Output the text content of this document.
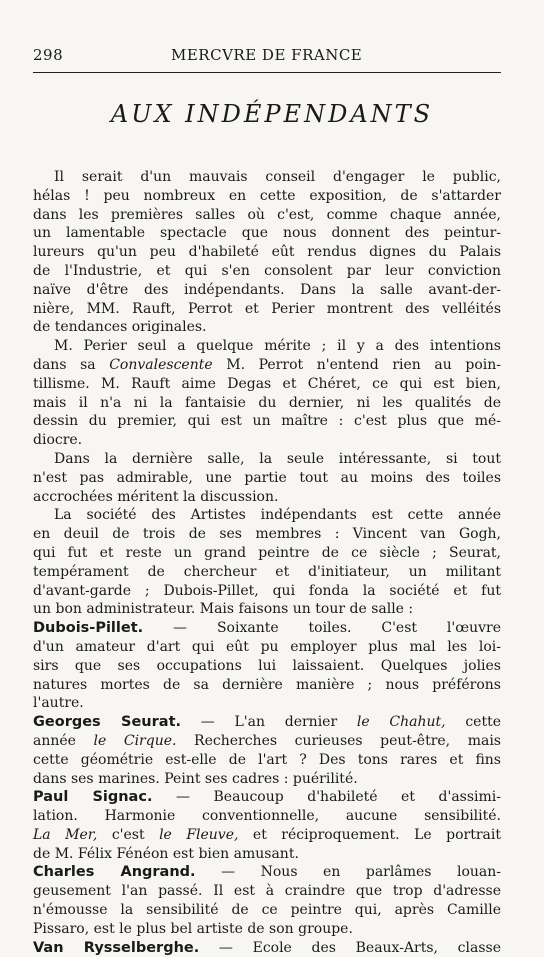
298	MERCVRE DE FRANCE
AUX INDÉPENDANTS
Il serait d'un mauvais conseil d'engager le public,
hélas ! peu nombreux en cette exposition, de s'attarder
dans les premières salles où c'est, comme chaque année,
un lamentable spectacle que nous donnent des peintur-
lureurs qu'un peu d'habileté eût rendus dignes du Palais
de l'Industrie, et qui s'en consolent par leur conviction
naïve d'être des indépendants. Dans la salle avant-der-
nière, MM. Rauft, Perrot et Perier montrent des velléités
de tendances originales.
M. Perier seul a quelque mérite ; il y a des intentions
dans sa Convalescente M. Perrot n'entend rien au poin-
tillisme. M. Rauft aime Degas et Chéret, ce qui est bien,
mais il n'a ni la fantaisie du dernier, ni les qualités de
dessin du premier, qui est un maître : c'est plus que mé-
diocre.
Dans la dernière salle, la seule intéressante, si tout
n'est pas admirable, une partie tout au moins des toiles
accrochées méritent la discussion.
La société des Artistes indépendants est cette année
en deuil de trois de ses membres : Vincent van Gogh,
qui fut et reste un grand peintre de ce siècle ; Seurat,
tempérament de chercheur et d'initiateur, un militant
d'avant-garde ; Dubois-Pillet, qui fonda la société et fut
un bon administrateur. Mais faisons un tour de salle :
Dubois-Pillet. — Soixante toiles. C'est l'œuvre
d'un amateur d'art qui eût pu employer plus mal les loi-
sirs que ses occupations lui laissaient. Quelques jolies
natures mortes de sa dernière manière ; nous préférons
l'autre.
Georges Seurat. — L'an dernier le Chahut, cette
année le Cirque. Recherches curieuses peut-être, mais
cette géométrie est-elle de l'art ? Des tons rares et fins
dans ses marines. Peint ses cadres : puérilité.
Paul Signac. — Beaucoup d'habileté et d'assimi-
lation. Harmonie conventionnelle, aucune sensibilité.
La Mer, c'est le Fleuve, et réciproquement. Le portrait
de M. Félix Fénéon est bien amusant.
Charles Angrand. — Nous en parlâmes louan-
geusement l'an passé. Il est à craindre que trop d'adresse
n'émousse la sensibilité de ce peintre qui, après Camille
Pissaro, est le plus bel artiste de son groupe.
Van Rysselberghe. — Ecole des Beaux-Arts, classe
